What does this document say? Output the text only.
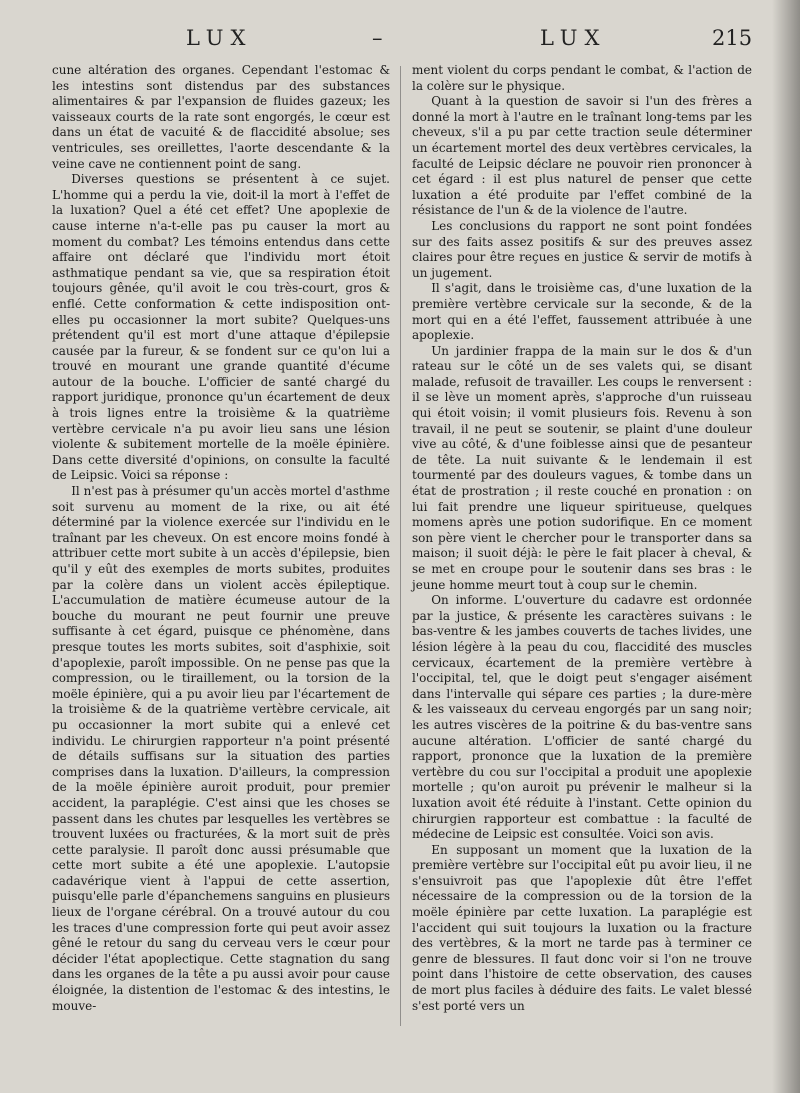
LUX	–	LUX	215

cune altération des organes. Cependant l'estomac & les intestins sont distendus par des substances alimentaires & par l'expansion de fluides gazeux; les vaisseaux courts de la rate sont engorgés, le cœur est dans un état de vacuité & de flaccidité absolue; ses ventricules, ses oreillettes, l'aorte descendante & la veine cave ne contiennent point de sang.

Diverses questions se présentent à ce sujet. L'homme qui a perdu la vie, doit-il la mort à l'effet de la luxation? Quel a été cet effet? Une apoplexie de cause interne n'a-t-elle pas pu causer la mort au moment du combat? Les témoins entendus dans cette affaire ont déclaré que l'individu mort étoit asthmatique pendant sa vie, que sa respiration étoit toujours gênée, qu'il avoit le cou très-court, gros & enflé. Cette conformation & cette indisposition ont-elles pu occasionner la mort subite? Quelques-uns prétendent qu'il est mort d'une attaque d'épilepsie causée par la fureur, & se fondent sur ce qu'on lui a trouvé en mourant une grande quantité d'écume autour de la bouche. L'officier de santé chargé du rapport juridique, prononce qu'un écartement de deux à trois lignes entre la troisième & la quatrième vertèbre cervicale n'a pu avoir lieu sans une lésion violente & subitement mortelle de la moële épinière. Dans cette diversité d'opinions, on consulte la faculté de Leipsic. Voici sa réponse :

Il n'est pas à présumer qu'un accès mortel d'asthme soit survenu au moment de la rixe, ou ait été déterminé par la violence exercée sur l'individu en le traînant par les cheveux. On est encore moins fondé à attribuer cette mort subite à un accès d'épilepsie, bien qu'il y eût des exemples de morts subites, produites par la colère dans un violent accès épileptique. L'accumulation de matière écumeuse autour de la bouche du mourant ne peut fournir une preuve suffisante à cet égard, puisque ce phénomène, dans presque toutes les morts subites, soit d'asphixie, soit d'apoplexie, paroît impossible. On ne pense pas que la compression, ou le tiraillement, ou la torsion de la moële épinière, qui a pu avoir lieu par l'écartement de la troisième & de la quatrième vertèbre cervicale, ait pu occasionner la mort subite qui a enlevé cet individu. Le chirurgien rapporteur n'a point présenté de détails suffisans sur la situation des parties comprises dans la luxation. D'ailleurs, la compression de la moële épinière auroit produit, pour premier accident, la paraplégie. C'est ainsi que les choses se passent dans les chutes par lesquelles les vertèbres se trouvent luxées ou fracturées, & la mort suit de près cette paralysie. Il paroît donc aussi présumable que cette mort subite a été une apoplexie. L'autopsie cadavérique vient à l'appui de cette assertion, puisqu'elle parle d'épanchemens sanguins en plusieurs lieux de l'organe cérébral. On a trouvé autour du cou les traces d'une compression forte qui peut avoir assez gêné le retour du sang du cerveau vers le cœur pour décider l'état apoplectique. Cette stagnation du sang dans les organes de la tête a pu aussi avoir pour cause éloignée, la distention de l'estomac & des intestins, le mouve-

ment violent du corps pendant le combat, & l'action de la colère sur le physique.

Quant à la question de savoir si l'un des frères a donné la mort à l'autre en le traînant long-tems par les cheveux, s'il a pu par cette traction seule déterminer un écartement mortel des deux vertèbres cervicales, la faculté de Leipsic déclare ne pouvoir rien prononcer à cet égard : il est plus naturel de penser que cette luxation a été produite par l'effet combiné de la résistance de l'un & de la violence de l'autre.

Les conclusions du rapport ne sont point fondées sur des faits assez positifs & sur des preuves assez claires pour être reçues en justice & servir de motifs à un jugement.

Il s'agit, dans le troisième cas, d'une luxation de la première vertèbre cervicale sur la seconde, & de la mort qui en a été l'effet, faussement attribuée à une apoplexie.

Un jardinier frappa de la main sur le dos & d'un rateau sur le côté un de ses valets qui, se disant malade, refusoit de travailler. Les coups le renversent : il se lève un moment après, s'approche d'un ruisseau qui étoit voisin; il vomit plusieurs fois. Revenu à son travail, il ne peut se soutenir, se plaint d'une douleur vive au côté, & d'une foiblesse ainsi que de pesanteur de tête. La nuit suivante & le lendemain il est tourmenté par des douleurs vagues, & tombe dans un état de prostration ; il reste couché en pronation : on lui fait prendre une liqueur spiritueuse, quelques momens après une potion sudorifique. En ce moment son père vient le chercher pour le transporter dans sa maison; il suoit déjà: le père le fait placer à cheval, & se met en croupe pour le soutenir dans ses bras : le jeune homme meurt tout à coup sur le chemin.

On informe. L'ouverture du cadavre est ordonnée par la justice, & présente les caractères suivans : le bas-ventre & les jambes couverts de taches livides, une lésion légère à la peau du cou, flaccidité des muscles cervicaux, écartement de la première vertèbre à l'occipital, tel, que le doigt peut s'engager aisément dans l'intervalle qui sépare ces parties ; la dure-mère & les vaisseaux du cerveau engorgés par un sang noir; les autres viscères de la poitrine & du bas-ventre sans aucune altération. L'officier de santé chargé du rapport, prononce que la luxation de la première vertèbre du cou sur l'occipital a produit une apoplexie mortelle ; qu'on auroit pu prévenir le malheur si la luxation avoit été réduite à l'instant. Cette opinion du chirurgien rapporteur est combattue : la faculté de médecine de Leipsic est consultée. Voici son avis.

En supposant un moment que la luxation de la première vertèbre sur l'occipital eût pu avoir lieu, il ne s'ensuivroit pas que l'apoplexie dût être l'effet nécessaire de la compression ou de la torsion de la moële épinière par cette luxation. La paraplégie est l'accident qui suit toujours la luxation ou la fracture des vertèbres, & la mort ne tarde pas à terminer ce genre de blessures. Il faut donc voir si l'on ne trouve point dans l'histoire de cette observation, des causes de mort plus faciles à déduire des faits. Le valet blessé s'est porté vers un
